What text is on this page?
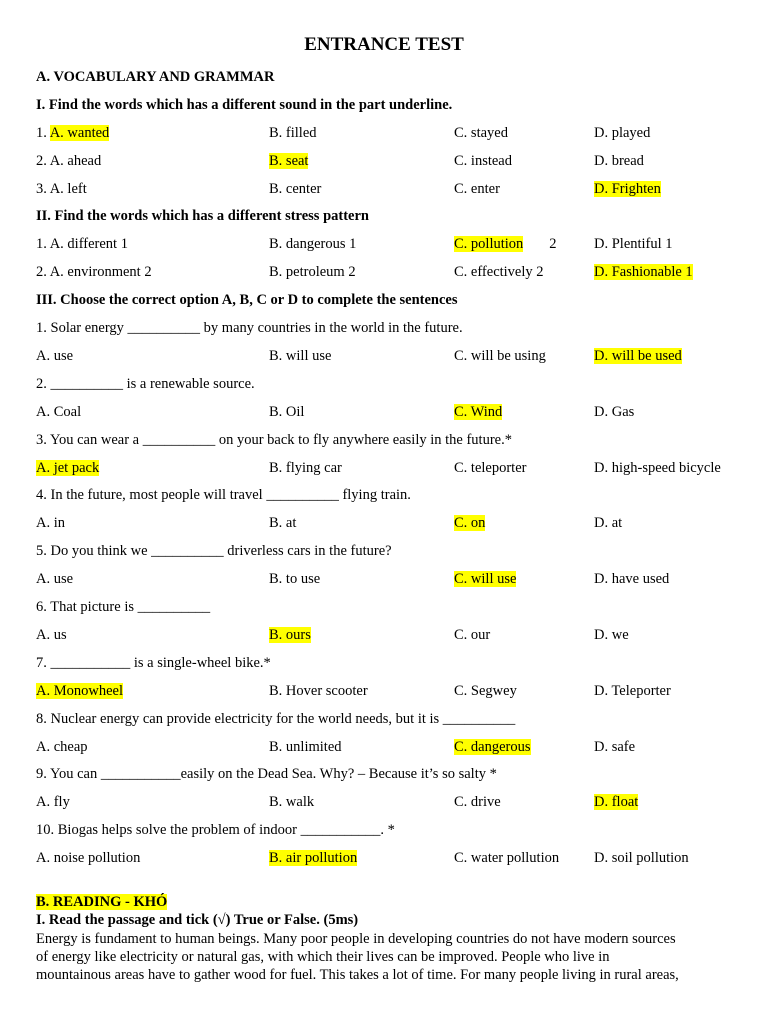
ENTRANCE TEST
A. VOCABULARY AND GRAMMAR
I. Find the words which has a different sound in the part underline.
1. A. wanted	B. filled	C. stayed	D. played
2. A. ahead	B. seat	C. instead	D. bread
3. A. left	B. center	C. enter	D. Frighten
II. Find the words which has a different stress pattern
1. A. different 1	B. dangerous 1	C. pollution 2	D. Plentiful 1
2. A. environment 2	B. petroleum 2	C. effectively 2	D. Fashionable 1
III. Choose the correct option A, B, C or D to complete the sentences
1. Solar energy __________ by many countries in the world in the future.
A. use	B. will use	C. will be using	D. will be used
2. __________ is a renewable source.
A. Coal	B. Oil	C. Wind	D. Gas
3. You can wear a __________ on your back to fly anywhere easily in the future.*
A. jet pack	B. flying car	C. teleporter	D. high-speed bicycle
4. In the future, most people will travel __________ flying train.
A. in	B. at	C. on	D. at
5. Do you think we __________ driverless cars in the future?
A. use	B. to use	C. will use	D. have used
6. That picture is __________
A. us	B. ours	C. our	D. we
7. ___________ is a single-wheel bike.*
A. Monowheel	B. Hover scooter	C. Segwey	D. Teleporter
8. Nuclear energy can provide electricity for the world needs, but it is __________
A. cheap	B. unlimited	C. dangerous	D. safe
9. You can ___________easily on the Dead Sea. Why? – Because it’s so salty *
A. fly	B. walk	C. drive	D. float
10. Biogas helps solve the problem of indoor ___________. *
A. noise pollution	B. air pollution	C. water pollution D. soil pollution
B. READING - KHÓ
I. Read the passage and tick (√) True or False. (5ms)
Energy is fundament to human beings. Many poor people in developing countries do not have modern sources
of energy like electricity or natural gas, with which their lives can be improved. People who live in
mountainous areas have to gather wood for fuel. This takes a lot of time. For many people living in rural areas,
